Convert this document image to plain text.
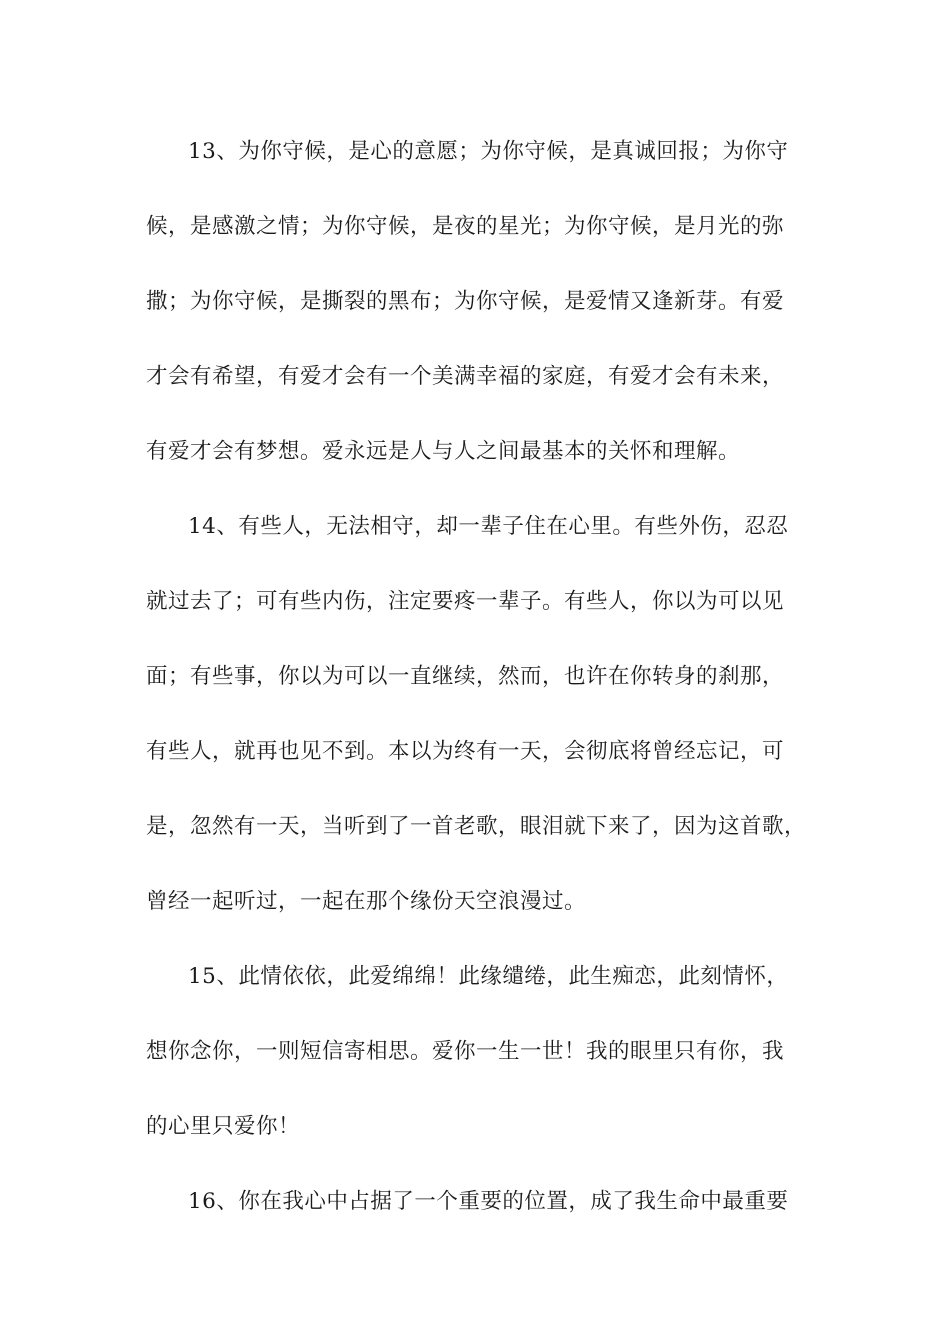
13、为你守候，是心的意愿；为你守候，是真诚回报；为你守
候，是感激之情；为你守候，是夜的星光；为你守候，是月光的弥
撒；为你守候，是撕裂的黑布；为你守候，是爱情又逢新芽。有爱
才会有希望，有爱才会有一个美满幸福的家庭，有爱才会有未来，
有爱才会有梦想。爱永远是人与人之间最基本的关怀和理解。
14、有些人，无法相守，却一辈子住在心里。有些外伤，忍忍
就过去了；可有些内伤，注定要疼一辈子。有些人，你以为可以见
面；有些事，你以为可以一直继续，然而，也许在你转身的刹那，
有些人，就再也见不到。本以为终有一天，会彻底将曾经忘记，可
是，忽然有一天，当听到了一首老歌，眼泪就下来了，因为这首歌，
曾经一起听过，一起在那个缘份天空浪漫过。
15、此情依依，此爱绵绵！此缘缱绻，此生痴恋，此刻情怀，
想你念你，一则短信寄相思。爱你一生一世！我的眼里只有你，我
的心里只爱你！
16、你在我心中占据了一个重要的位置，成了我生命中最重要
